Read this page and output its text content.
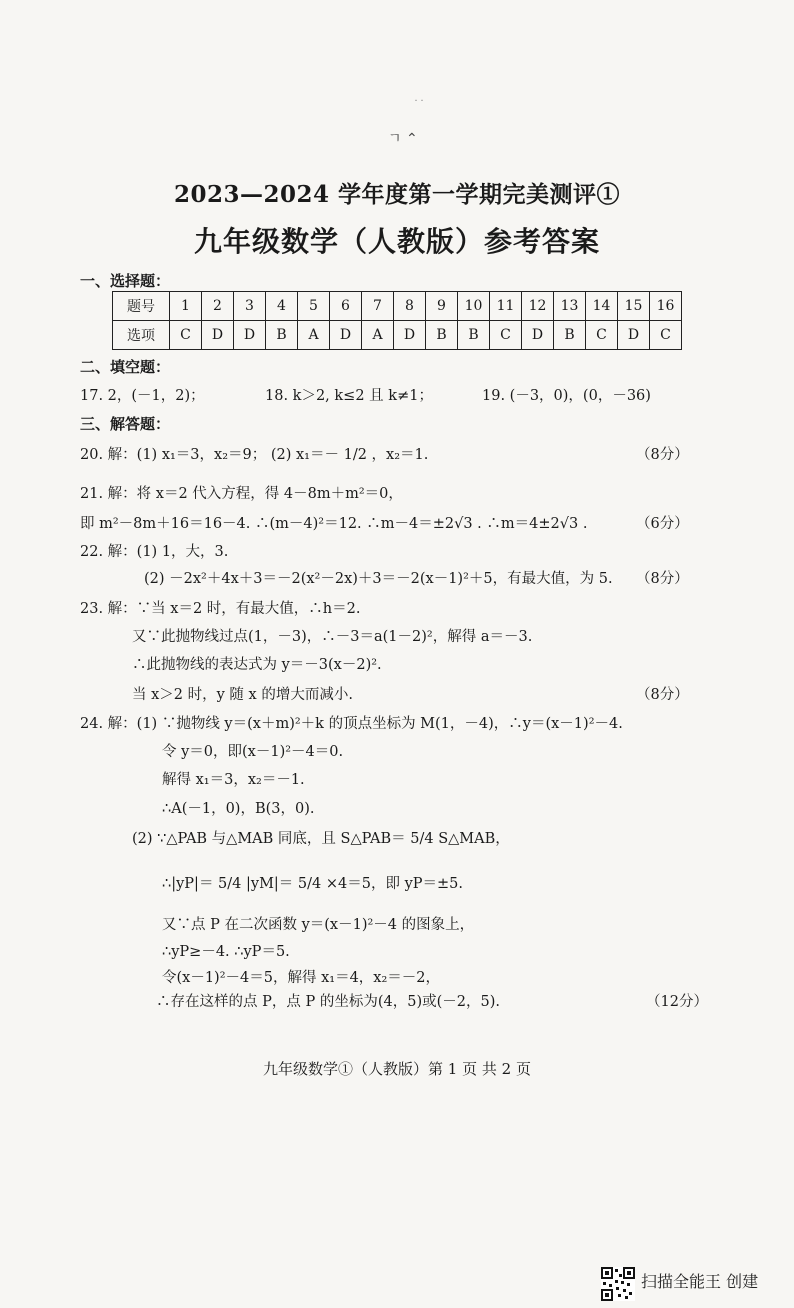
˙˙
ㄱ ⌃
2023—2024 学年度第一学期完美测评①
九年级数学（人教版）参考答案
一、选择题：
题号	1	2	3	4	5	6	7	8	9	10	11	12	13	14	15	16
选项	C	D	D	B	A	D	A	D	B	B	C	D	B	C	D	C
二、填空题：
17. 2，(－1，2)；	18. k＞2, k≤2 且 k≠1；	19. (－3，0)，(0，－36)
三、解答题：
20. 解：(1) x₁＝3，x₂＝9； (2) x₁＝－ 1/2 ，x₂＝1.	（8分）
21. 解：将 x＝2 代入方程，得 4－8m＋m²＝0，
即 m²－8m＋16＝16－4. ∴(m－4)²＝12. ∴m－4＝±2√3 . ∴m＝4±2√3 .	（6分）
22. 解：(1) 1，大，3.
(2) －2x²＋4x＋3＝－2(x²－2x)＋3＝－2(x－1)²＋5，有最大值，为 5. （8分）
23. 解：∵当 x＝2 时，有最大值，∴h＝2.
又∵此抛物线过点(1，－3)，∴－3＝a(1－2)²，解得 a＝－3.
∴此抛物线的表达式为 y＝－3(x－2)².
当 x＞2 时，y 随 x 的增大而减小.	（8分）
24. 解：(1) ∵抛物线 y＝(x＋m)²＋k 的顶点坐标为 M(1，－4)，∴y＝(x－1)²－4.
令 y＝0，即(x－1)²－4＝0.
解得 x₁＝3，x₂＝－1.
∴A(－1，0)，B(3，0).
(2) ∵△PAB 与△MAB 同底，且 S△PAB＝ 5/4 S△MAB，
∴|yP|＝ 5/4 |yM|＝ 5/4 ×4＝5，即 yP＝±5.
又∵点 P 在二次函数 y＝(x－1)²－4 的图象上，
∴yP≥－4. ∴yP＝5.
令(x－1)²－4＝5，解得 x₁＝4，x₂＝－2，
∴存在这样的点 P，点 P 的坐标为(4，5)或(－2，5).	（12分）
九年级数学①（人教版）第 1 页 共 2 页
扫描全能王 创建
